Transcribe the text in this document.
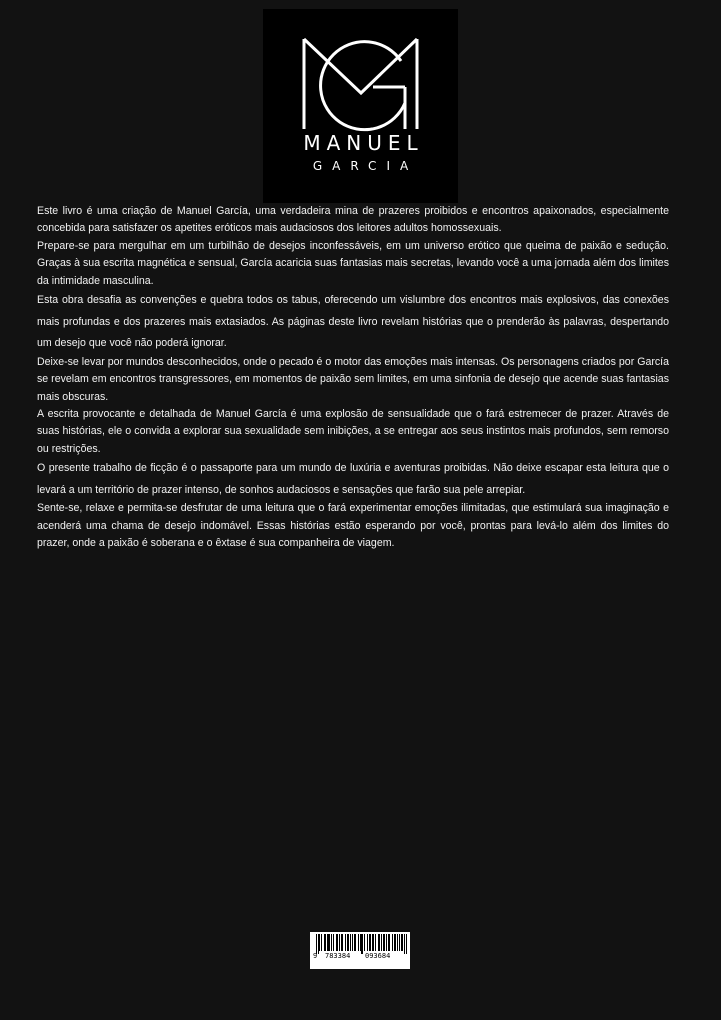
MANUEL
GARCIA

Este livro é uma criação de Manuel García, uma verdadeira mina de prazeres proibidos e encontros apaixonados, especialmente concebida para satisfazer os apetites eróticos mais audaciosos dos leitores adultos homossexuais.

Prepare-se para mergulhar em um turbilhão de desejos inconfessáveis, em um universo erótico que queima de paixão e sedução. Graças à sua escrita magnética e sensual, García acaricia suas fantasias mais secretas, levando você a uma jornada além dos limites da intimidade masculina.

Esta obra desafia as convenções e quebra todos os tabus, oferecendo um vislumbre dos encontros mais explosivos, das conexões mais profundas e dos prazeres mais extasiados. As páginas deste livro revelam histórias que o prenderão às palavras, despertando um desejo que você não poderá ignorar.

Deixe-se levar por mundos desconhecidos, onde o pecado é o motor das emoções mais intensas. Os personagens criados por García se revelam em encontros transgressores, em momentos de paixão sem limites, em uma sinfonia de desejo que acende suas fantasias mais obscuras.

A escrita provocante e detalhada de Manuel García é uma explosão de sensualidade que o fará estremecer de prazer. Através de suas histórias, ele o convida a explorar sua sexualidade sem inibições, a se entregar aos seus instintos mais profundos, sem remorso ou restrições.

O presente trabalho de ficção é o passaporte para um mundo de luxúria e aventuras proibidas. Não deixe escapar esta leitura que o levará a um território de prazer intenso, de sonhos audaciosos e sensações que farão sua pele arrepiar.

Sente-se, relaxe e permita-se desfrutar de uma leitura que o fará experimentar emoções ilimitadas, que estimulará sua imaginação e acenderá uma chama de desejo indomável. Essas histórias estão esperando por você, prontas para levá-lo além dos limites do prazer, onde a paixão é soberana e o êxtase é sua companheira de viagem.

9 783384 093684
